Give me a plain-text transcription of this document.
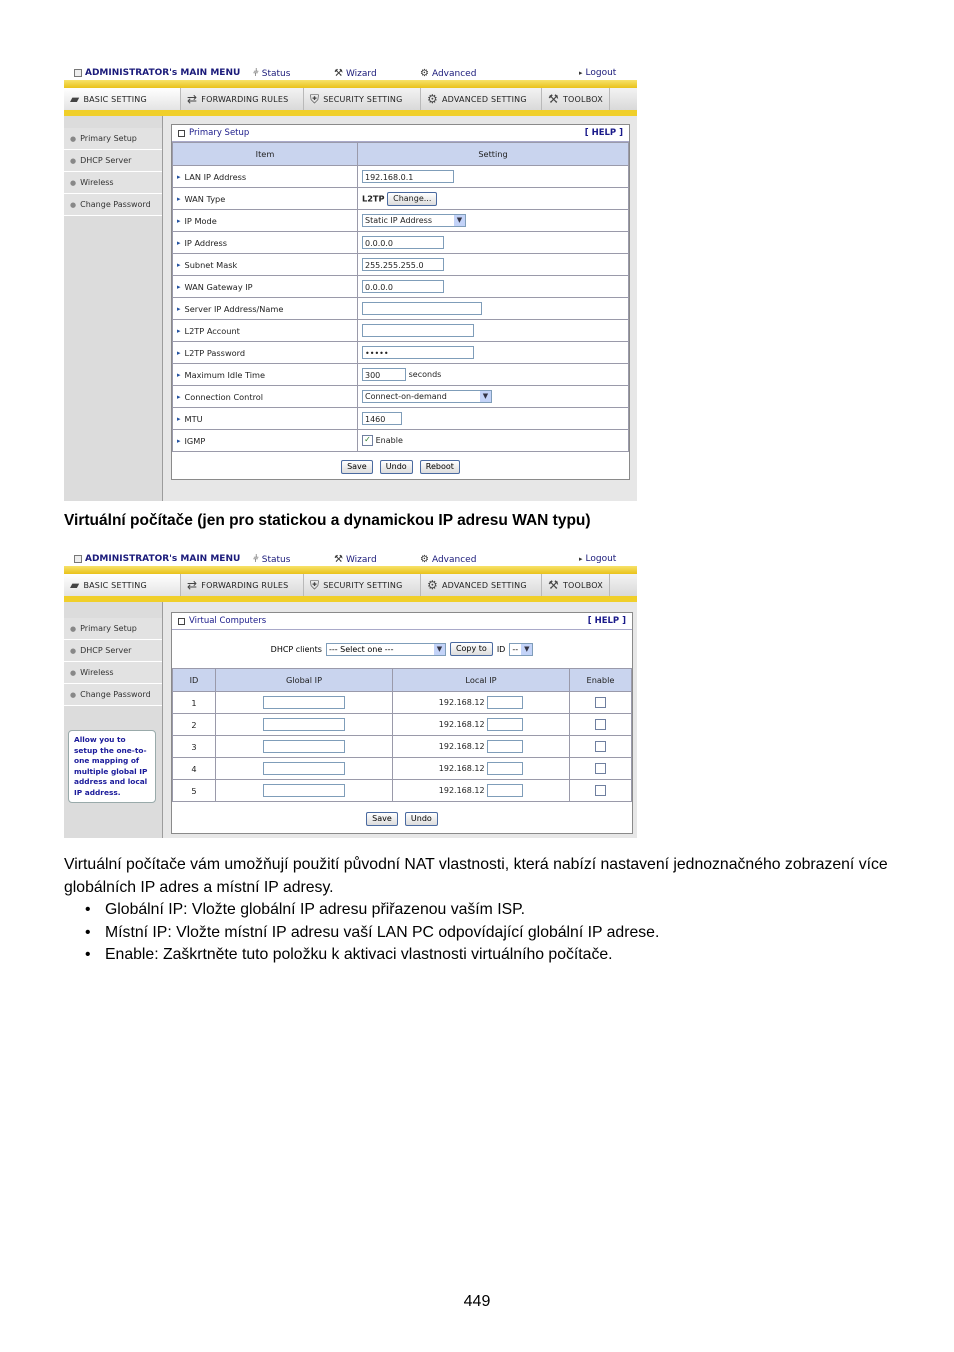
ADMINISTRATOR's MAIN MENU ⫩ Status	⚒ Wizard	⚙ Advanced	▸ Logout
▰ BASIC SETTING	⇄ FORWARDING RULES ⛨ SECURITY SETTING ⚙ ADVANCED SETTING ⚒ TOOLBOX
● Primary Setup
● DHCP Server
● Wireless
● Change Password
Primary Setup	[ HELP ]
Item	Setting

▸ LAN IP Address	192.168.0.1

▸ WAN Type	L2TP Change...

▸ IP Mode	Static IP Address ▼

▸ IP Address	0.0.0.0

▸ Subnet Mask	255.255.255.0

▸ WAN Gateway IP	0.0.0.0

▸ Server IP Address/Name	

▸ L2TP Account	

▸ L2TP Password	•••••

▸ Maximum Idle Time	300 seconds

▸ Connection Control	Connect-on-demand ▼

▸ MTU	1460

▸ IGMP	✓ Enable
Save Undo Reboot
Virtuální počítače (jen pro statickou a dynamickou IP adresu WAN typu)
ADMINISTRATOR's MAIN MENU ⫩ Status	⚒ Wizard	⚙ Advanced	▸ Logout
▰ BASIC SETTING	⇄ FORWARDING RULES ⛨ SECURITY SETTING ⚙ ADVANCED SETTING ⚒ TOOLBOX
● Primary Setup
● DHCP Server
● Wireless
● Change Password
Allow you to setup the one-to-one mapping of multiple global IP address and local IP address.
Virtual Computers	[ HELP ]
DHCP clients --- Select one ---	▼	Copy to	ID -- ▼
ID	Global IP	Local IP	Enable
1		192.168.12	
2		192.168.12	
3		192.168.12	
4		192.168.12	
5		192.168.12	
Save Undo
Virtuální počítače vám umožňují použití původní NAT vlastnosti, která nabízí nastavení jednoznačného zobrazení více globálních IP adres a místní IP adresy.
• Globální IP: Vložte globální IP adresu přiřazenou vaším ISP.
• Místní IP: Vložte místní IP adresu vaší LAN PC odpovídající globální IP adrese.
• Enable: Zaškrtněte tuto položku k aktivaci vlastnosti virtuálního počítače.
449
